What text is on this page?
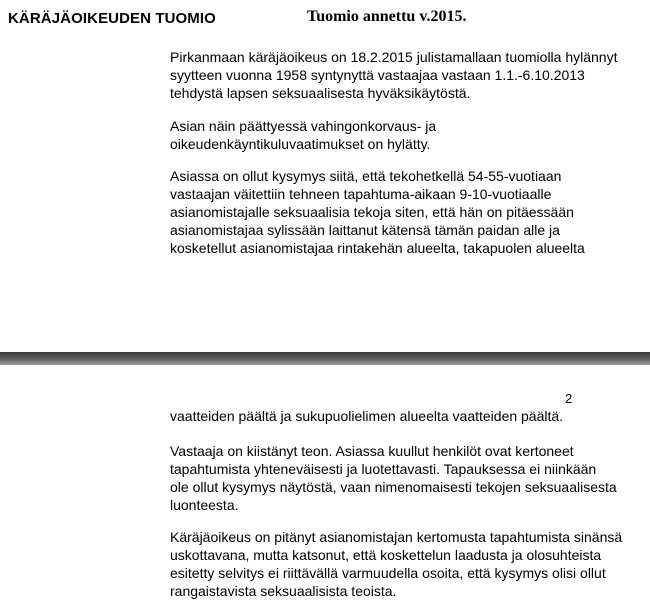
KÄRÄJÄOIKEUDEN TUOMIO	Tuomio annettu v.2015.

Pirkanmaan käräjäoikeus on 18.2.2015 julistamallaan tuomiolla hylännyt
syytteen vuonna 1958 syntynyttä vastaajaa vastaan 1.1.-6.10.2013
tehdystä lapsen seksuaalisesta hyväksikäytöstä.

Asian näin päättyessä vahingonkorvaus- ja
oikeudenkäyntikuluvaatimukset on hylätty.

Asiassa on ollut kysymys siitä, että tekohetkellä 54-55-vuotiaan
vastaajan väitettiin tehneen tapahtuma-aikaan 9-10-vuotiaalle
asianomistajalle seksuaalisia tekoja siten, että hän on pitäessään
asianomistajaa sylissään laittanut kätensä tämän paidan alle ja
kosketellut asianomistajaa rintakehän alueelta, takapuolen alueelta

2

vaatteiden päältä ja sukupuolielimen alueelta vaatteiden päältä.

Vastaaja on kiistänyt teon. Asiassa kuullut henkilöt ovat kertoneet
tapahtumista yhteneväisesti ja luotettavasti. Tapauksessa ei niinkään
ole ollut kysymys näytöstä, vaan nimenomaisesti tekojen seksuaalisesta
luonteesta.

Käräjäoikeus on pitänyt asianomistajan kertomusta tapahtumista sinänsä
uskottavana, mutta katsonut, että koskettelun laadusta ja olosuhteista
esitetty selvitys ei riittävällä varmuudella osoita, että kysymys olisi ollut
rangaistavista seksuaalisista teoista.
